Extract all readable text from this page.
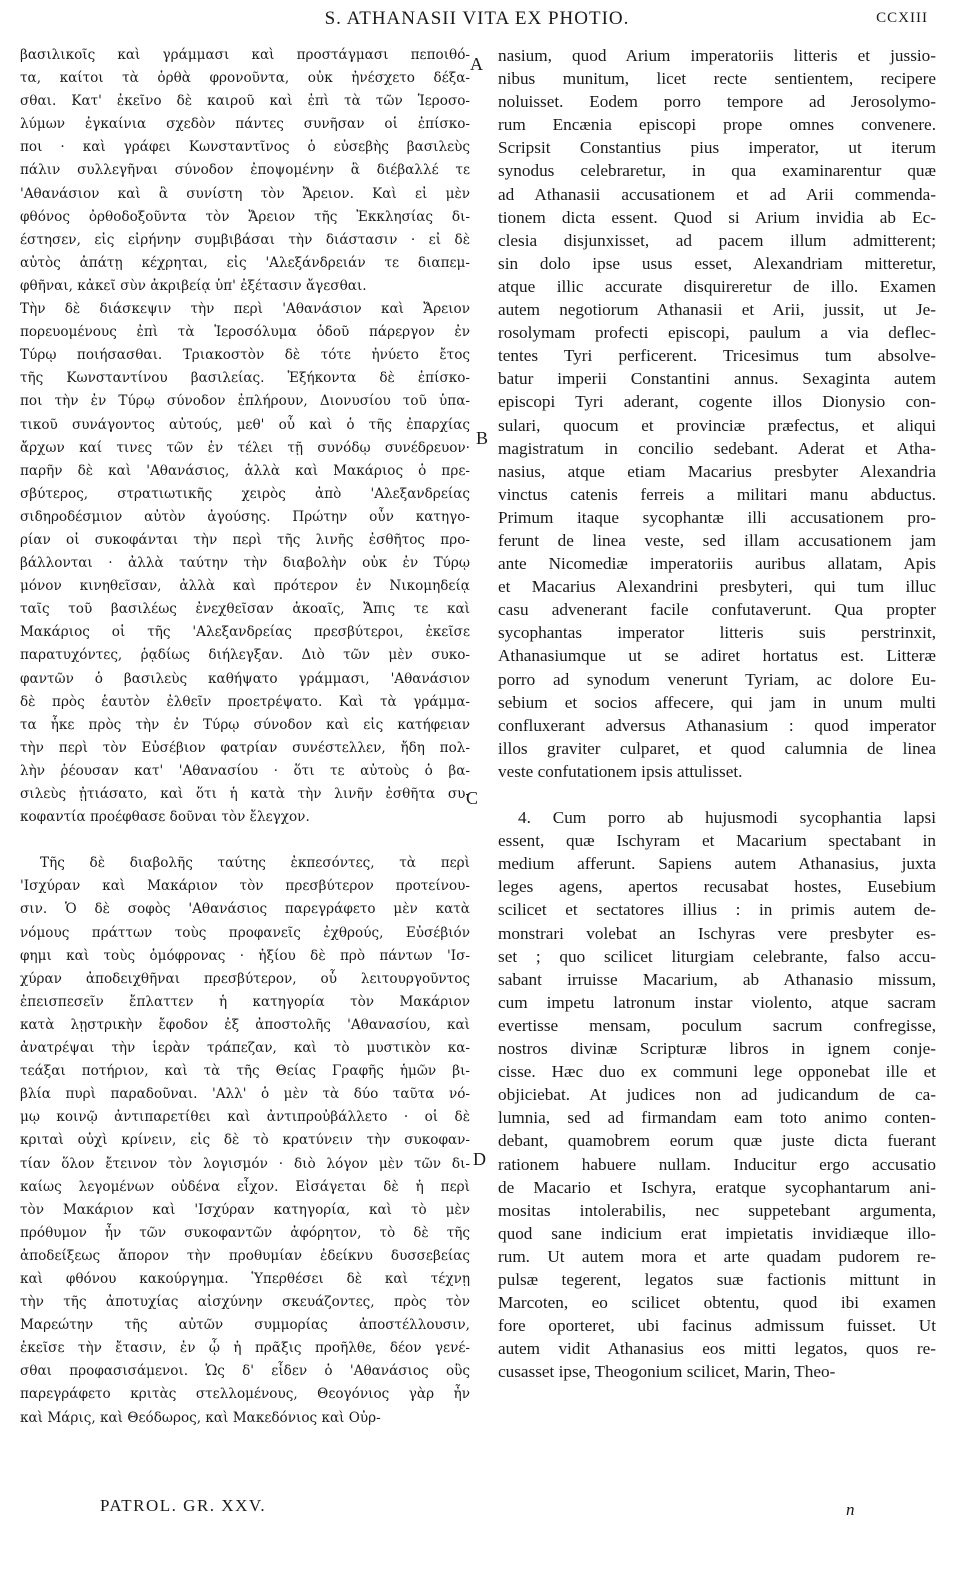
S. ATHANASII VITA EX PHOTIO.	CCXIII
βασιλικοῖς καὶ γράμμασι καὶ προστάγμασι πεποιθό-
τα, καίτοι τὰ ὀρθὰ φρονοῦντα, οὐκ ἠνέσχετο δέξα-
σθαι. Κατ' ἐκεῖνο δὲ καιροῦ καὶ ἐπὶ τὰ τῶν Ἱεροσο-
λύμων ἐγκαίνια σχεδὸν πάντες συνῆσαν οἱ ἐπίσκο-
ποι · καὶ γράφει Κωνσταντῖνος ὁ εὐσεβὴς βασιλεὺς
πάλιν συλλεγῆναι σύνοδον ἐποψομένην ἃ διέβαλλέ τε
'Αθανάσιον καὶ ἃ συνίστη τὸν Ἄρειον. Καὶ εἰ μὲν
φθόνος ὀρθοδοξοῦντα τὸν Ἄρειον τῆς Ἐκκλησίας δι-
έστησεν, εἰς εἰρήνην συμβιβάσαι τὴν διάστασιν · εἰ δὲ
αὐτὸς ἀπάτῃ κέχρηται, εἰς 'Αλεξάνδρειάν τε διαπεμ-
φθῆναι, κἀκεῖ σὺν ἀκριβείᾳ ὑπ' ἐξέτασιν ἄγεσθαι.
Τὴν δὲ διάσκεψιν τὴν περὶ 'Αθανάσιον καὶ Ἄρειον
πορευομένους ἐπὶ τὰ Ἱεροσόλυμα ὁδοῦ πάρεργον ἐν
Τύρῳ ποιήσασθαι. Τριακοστὸν δὲ τότε ἠνύετο ἔτος
τῆς Κωνσταντίνου βασιλείας. Ἑξήκοντα δὲ ἐπίσκο-
ποι τὴν ἐν Τύρῳ σύνοδον ἐπλήρουν, Διονυσίου τοῦ ὑπα-
τικοῦ συνάγοντος αὐτούς, μεθ' οὗ καὶ ὁ τῆς ἐπαρχίας
ἄρχων καί τινες τῶν ἐν τέλει τῇ συνόδῳ συνέδρευον·
παρῆν δὲ καὶ 'Αθανάσιος, ἀλλὰ καὶ Μακάριος ὁ πρε-
σβύτερος, στρατιωτικῆς χειρὸς ἀπὸ 'Αλεξανδρείας
σιδηροδέσμιον αὐτὸν ἀγούσης. Πρώτην οὖν κατηγο-
ρίαν οἱ συκοφάνται τὴν περὶ τῆς λινῆς ἐσθῆτος προ-
βάλλονται · ἀλλὰ ταύτην τὴν διαβολὴν οὐκ ἐν Τύρῳ
μόνον κινηθεῖσαν, ἀλλὰ καὶ πρότερον ἐν Νικομηδείᾳ
ταῖς τοῦ βασιλέως ἐνεχθεῖσαν ἀκοαῖς, Ἄπις τε καὶ
Μακάριος οἱ τῆς 'Αλεξανδρείας πρεσβύτεροι, ἐκεῖσε
παρατυχόντες, ῥᾳδίως διήλεγξαν. Διὸ τῶν μὲν συκο-
φαντῶν ὁ βασιλεὺς καθήψατο γράμμασι, 'Αθανάσιον
δὲ πρὸς ἑαυτὸν ἐλθεῖν προετρέψατο. Καὶ τὰ γράμμα-
τα ἧκε πρὸς τὴν ἐν Τύρῳ σύνοδον καὶ εἰς κατήφειαν
τὴν περὶ τὸν Εὐσέβιον φατρίαν συνέστελλεν, ἤδη πολ-
λὴν ῥέουσαν κατ' 'Αθανασίου · ὅτι τε αὐτοὺς ὁ βα-
σιλεὺς ᾐτιάσατο, καὶ ὅτι ἡ κατὰ τὴν λινῆν ἐσθῆτα συ-
κοφαντία προέφθασε δοῦναι τὸν ἔλεγχον.
Τῆς δὲ διαβολῆς ταύτης ἐκπεσόντες, τὰ περὶ
'Ισχύραν καὶ Μακάριον τὸν πρεσβύτερον προτείνου-
σιν. Ὁ δὲ σοφὸς 'Αθανάσιος παρεγράφετο μὲν κατὰ
νόμους πράττων τοὺς προφανεῖς ἐχθρούς, Εὐσέβιόν
φημι καὶ τοὺς ὁμόφρονας · ἠξίου δὲ πρὸ πάντων 'Ισ-
χύραν ἀποδειχθῆναι πρεσβύτερον, οὗ λειτουργοῦντος
ἐπεισπεσεῖν ἔπλαττεν ἡ κατηγορία τὸν Μακάριον
κατὰ λῃστρικὴν ἔφοδον ἐξ ἀποστολῆς 'Αθανασίου, καὶ
ἀνατρέψαι τὴν ἱερὰν τράπεζαν, καὶ τὸ μυστικὸν κα-
τεάξαι ποτήριον, καὶ τὰ τῆς Θείας Γραφῆς ἡμῶν βι-
βλία πυρὶ παραδοῦναι. 'Αλλ' ὁ μὲν τὰ δύο ταῦτα νό-
μῳ κοινῷ ἀντιπαρετίθει καὶ ἀντιπροὐβάλλετο · οἱ δὲ
κριταὶ οὐχὶ κρίνειν, εἰς δὲ τὸ κρατύνειν τὴν συκοφαν-
τίαν ὅλον ἔτεινον τὸν λογισμόν · διὸ λόγον μὲν τῶν δι-
καίως λεγομένων οὐδένα εἶχον. Εἰσάγεται δὲ ἡ περὶ
τὸν Μακάριον καὶ 'Ισχύραν κατηγορία, καὶ τὸ μὲν
πρόθυμον ἦν τῶν συκοφαντῶν ἀφόρητον, τὸ δὲ τῆς
ἀποδείξεως ἄπορον τὴν προθυμίαν ἐδείκνυ δυσσεβείας
καὶ φθόνου κακούργημα. Ὑπερθέσει δὲ καὶ τέχνῃ
τὴν τῆς ἀποτυχίας αἰσχύνην σκευάζοντες, πρὸς τὸν
Μαρεώτην τῆς αὐτῶν συμμορίας ἀποστέλλουσιν,
ἐκεῖσε τὴν ἔτασιν, ἐν ᾧ ἡ πρᾶξις προῆλθε, δέον γενέ-
σθαι προφασισάμενοι. Ὡς δ' εἶδεν ὁ 'Αθανάσιος οὓς
παρεγράφετο κριτὰς στελλομένους, Θεογόνιος γὰρ ἦν
καὶ Μάρις, καὶ Θεόδωρος, καὶ Μακεδόνιος καὶ Οὐρ-
nasium, quod Arium imperatoriis litteris et jussio-
nibus munitum, licet recte sentientem, recipere
noluisset. Eodem porro tempore ad Jerosolymo-
rum Encænia episcopi prope omnes convenere.
Scripsit Constantius pius imperator, ut iterum
synodus celebraretur, in qua examinarentur quæ
ad Athanasii accusationem et ad Arii commenda-
tionem dicta essent. Quod si Arium invidia ab Ec-
clesia disjunxisset, ad pacem illum admitterent;
sin dolo ipse usus esset, Alexandriam mitteretur,
atque illic accurate disquireretur de illo. Examen
autem negotiorum Athanasii et Arii, jussit, ut Je-
rosolymam profecti episcopi, paulum a via deflec-
tentes Tyri perficerent. Tricesimus tum absolve-
batur imperii Constantini annus. Sexaginta autem
episcopi Tyri aderant, cogente illos Dionysio con-
sulari, quocum et provinciæ præfectus, et aliqui
magistratum in concilio sedebant. Aderat et Atha-
nasius, atque etiam Macarius presbyter Alexandria
vinctus catenis ferreis a militari manu abductus.
Primum itaque sycophantæ illi accusationem pro-
ferunt de linea veste, sed illam accusationem jam
ante Nicomediæ imperatoriis auribus allatam, Apis
et Macarius Alexandrini presbyteri, qui tum illuc
casu advenerant facile confutaverunt. Qua propter
sycophantas imperator litteris suis perstrinxit,
Athanasiumque ut se adiret hortatus est. Litteræ
porro ad synodum venerunt Tyriam, ac dolore Eu-
sebium et socios affecere, qui jam in unum multi
confluxerant adversus Athanasium : quod imperator
illos graviter culparet, et quod calumnia de linea
veste confutationem ipsis attulisset.
4. Cum porro ab hujusmodi sycophantia lapsi
essent, quæ Ischyram et Macarium spectabant in
medium afferunt. Sapiens autem Athanasius, juxta
leges agens, apertos recusabat hostes, Eusebium
scilicet et sectatores illius : in primis autem de-
monstrari volebat an Ischyras vere presbyter es-
set ; quo scilicet liturgiam celebrante, falso accu-
sabant irruisse Macarium, ab Athanasio missum,
cum impetu latronum instar violento, atque sacram
evertisse mensam, poculum sacrum confregisse,
nostros divinæ Scripturæ libros in ignem conje-
cisse. Hæc duo ex communi lege opponebat ille et
objiciebat. At judices non ad judicandum de ca-
lumnia, sed ad firmandam eam toto animo conten-
debant, quamobrem eorum quæ juste dicta fuerant
rationem habuere nullam. Inducitur ergo accusatio
de Macario et Ischyra, eratque sycophantarum ani-
mositas intolerabilis, nec suppetebant argumenta,
quod sane indicium erat impietatis invidiæque illo-
rum. Ut autem mora et arte quadam pudorem re-
pulsæ tegerent, legatos suæ factionis mittunt in
Marcoten, eo scilicet obtentu, quod ibi examen
fore oporteret, ubi facinus admissum fuisset. Ut
autem vidit Athanasius eos mitti legatos, quos re-
cusasset ipse, Theogonium scilicet, Marin, Theo-
A
B
C
D
PATROL. GR. XXV.	n
